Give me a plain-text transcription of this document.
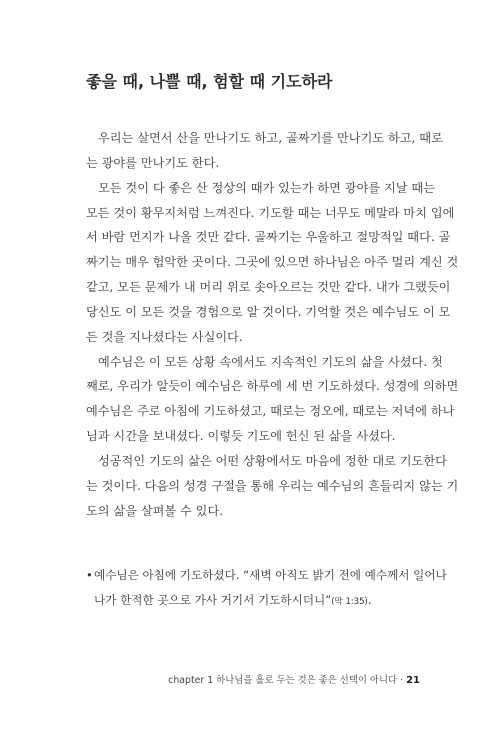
좋을 때, 나쁠 때, 험할 때 기도하라
우리는 살면서 산을 만나기도 하고, 골짜기를 만나기도 하고, 때로
는 광야를 만나기도 한다.
모든 것이 다 좋은 산 정상의 때가 있는가 하면 광야를 지날 때는
모든 것이 황무지처럼 느껴진다. 기도할 때는 너무도 메말라 마치 입에
서 바람 먼지가 나올 것만 같다. 골짜기는 우울하고 절망적일 때다. 골
짜기는 매우 험악한 곳이다. 그곳에 있으면 하나님은 아주 멀리 계신 것
같고, 모든 문제가 내 머리 위로 솟아오르는 것만 같다. 내가 그랬듯이
당신도 이 모든 것을 경험으로 알 것이다. 기억할 것은 예수님도 이 모
든 것을 지나셨다는 사실이다.
예수님은 이 모든 상황 속에서도 지속적인 기도의 삶을 사셨다. 첫
째로, 우리가 알듯이 예수님은 하루에 세 번 기도하셨다. 성경에 의하면
예수님은 주로 아침에 기도하셨고, 때로는 정오에, 때로는 저녁에 하나
님과 시간을 보내셨다. 이렇듯 기도에 헌신 된 삶을 사셨다.
성공적인 기도의 삶은 어떤 상황에서도 마음에 정한 대로 기도한다
는 것이다. 다음의 성경 구절을 통해 우리는 예수님의 흔들리지 않는 기
도의 삶을 살펴볼 수 있다.
•예수님은 아침에 기도하셨다. “새벽 아직도 밝기 전에 예수께서 일어나
나가 한적한 곳으로 가사 거기서 기도하시더니”(막 1:35).
chapter 1 하나님을 홀로 두는 것은 좋은 선택이 아니다 · 21
